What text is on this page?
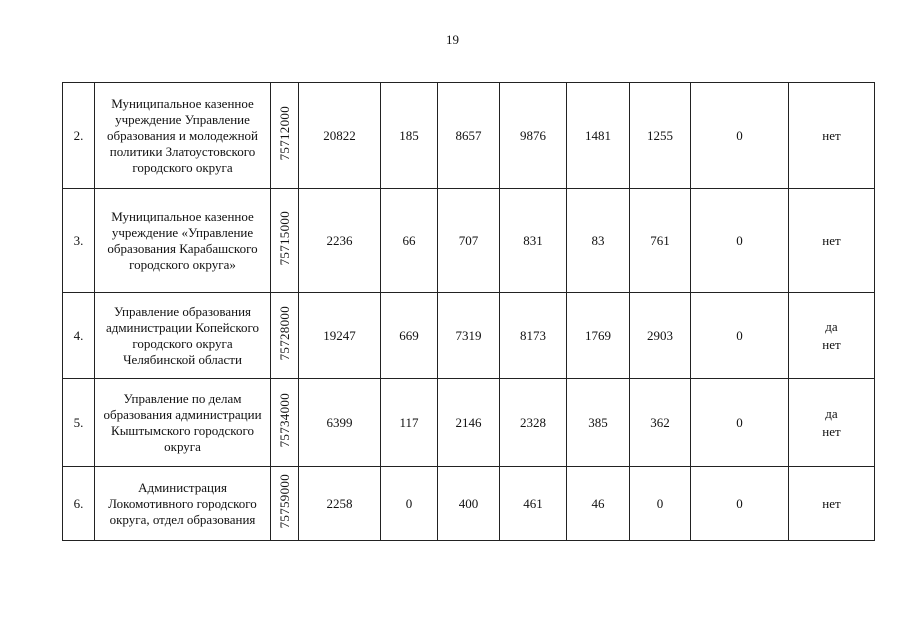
19
2.	Муниципальное казенное учреждение Управление образования и молодежной политики Златоустовского городского округа	75712000	20822	185	8657	9876	1481	1255	0	нет

3.	Муниципальное казенное учреждение «Управление образования Карабашского городского округа»	75715000	2236	66	707	831	83	761	0	нет

4.	Управление образования администрации Копейского городского округа Челябинской области	75728000	19247	669	7319	8173	1769	2903	0	да
нет

5.	Управление по делам образования администрации Кыштымского городского округа	75734000	6399	117	2146	2328	385	362	0	да
нет

6.	Администрация Локомотивного городского округа, отдел образования	75759000	2258	0	400	461	46	0	0	нет
